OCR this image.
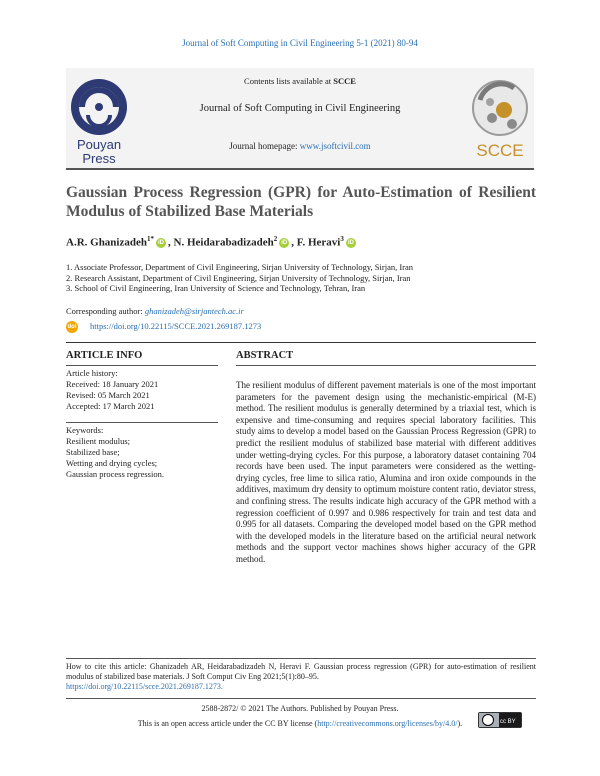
Journal of Soft Computing in Civil Engineering 5-1 (2021) 80-94
Pouyan
Press
Contents lists available at SCCE
Journal of Soft Computing in Civil Engineering
Journal homepage: www.jsoftcivil.com	SCCE
Gaussian Process Regression (GPR) for Auto-Estimation of Resilient Modulus of Stabilized Base Materials
A.R. Ghanizadeh$^{1*}$iD , N. Heidarabadizadeh$^2$iD , F. Heravi$^3$iD
1. Associate Professor, Department of Civil Engineering, Sirjan University of Technology, Sirjan, Iran
2. Research Assistant, Department of Civil Engineering, Sirjan University of Technology, Sirjan, Iran
3. School of Civil Engineering, Iran University of Science and Technology, Tehran, Iran
Corresponding author: ghanizadeh@sirjantech.ac.ir
doi https://doi.org/10.22115/SCCE.2021.269187.1273
ARTICLE INFO	ABSTRACT
Article history:
Received: 18 January 2021
Revised: 05 March 2021
Accepted: 17 March 2021
Keywords:
Resilient modulus;
Stabilized base;
Wetting and drying cycles;
Gaussian process regression.
The resilient modulus of different pavement materials is one of the most important parameters for the pavement design using the mechanistic-empirical (M-E) method. The resilient modulus is generally determined by a triaxial test, which is expensive and time-consuming and requires special laboratory facilities. This study aims to develop a model based on the Gaussian Process Regression (GPR) to predict the resilient modulus of stabilized base material with different additives under wetting-drying cycles. For this purpose, a laboratory dataset containing 704 records have been used. The input parameters were considered as the wetting-drying cycles, free lime to silica ratio, Alumina and iron oxide compounds in the additives, maximum dry density to optimum moisture content ratio, deviator stress, and confining stress. The results indicate high accuracy of the GPR method with a regression coefficient of 0.997 and 0.986 respectively for train and test data and 0.995 for all datasets. Comparing the developed model based on the GPR method with the developed models in the literature based on the artificial neural network methods and the support vector machines shows higher accuracy of the GPR method.
How to cite this article: Ghanizadeh AR, Heidarabadizadeh N, Heravi F. Gaussian process regression (GPR) for auto-estimation of resilient modulus of stabilized base materials. J Soft Comput Civ Eng 2021;5(1):80–95.
https://doi.org/10.22115/scce.2021.269187.1273.
2588-2872/ © 2021 The Authors. Published by Pouyan Press.
This is an open access article under the CC BY license (http://creativecommons.org/licenses/by/4.0/).	cc BY
